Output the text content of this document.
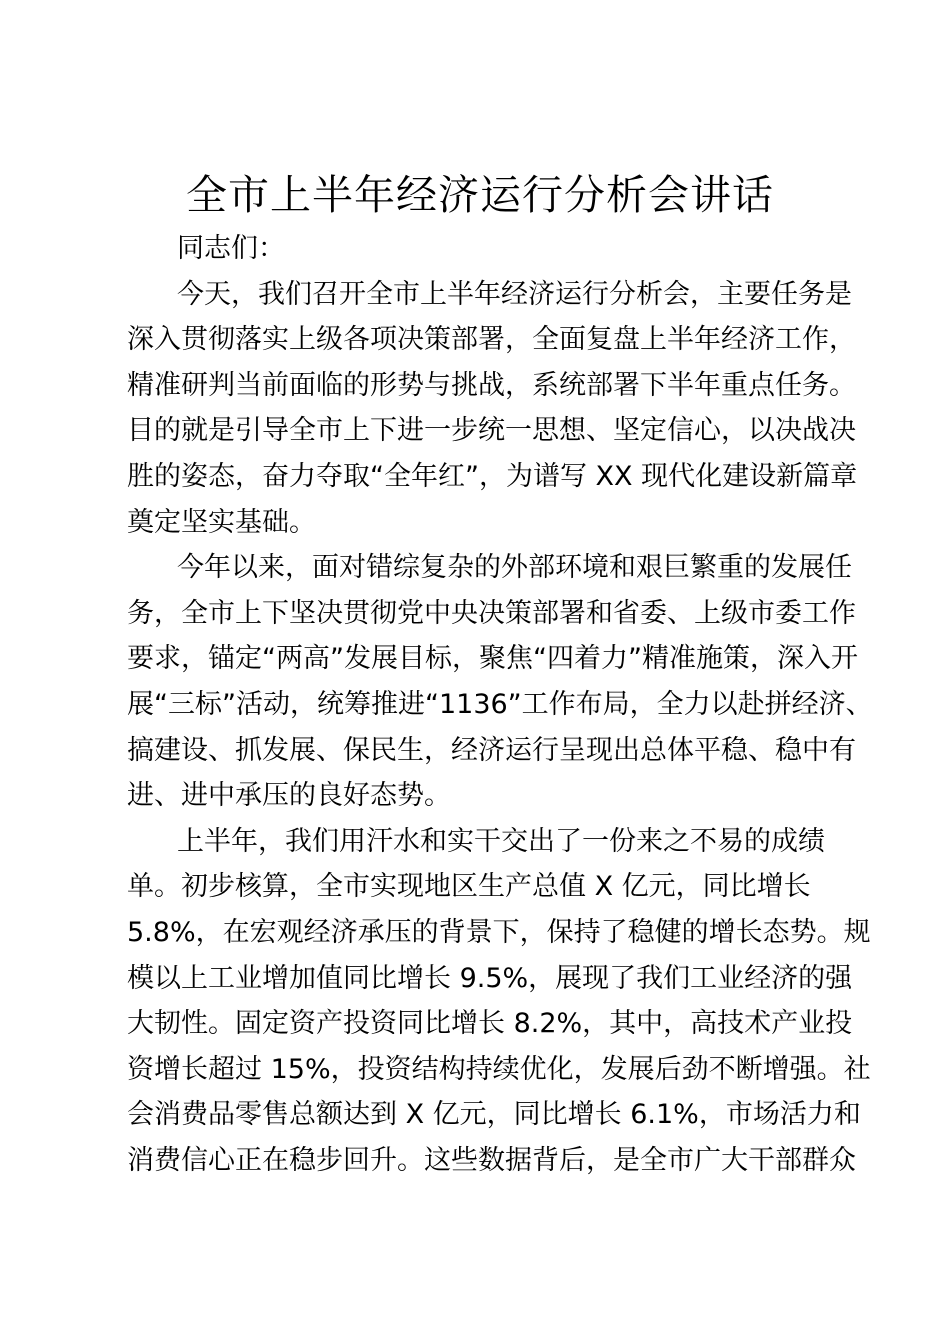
全市上半年经济运行分析会讲话

同志们：

今天，我们召开全市上半年经济运行分析会，主要任务是

深入贯彻落实上级各项决策部署，全面复盘上半年经济工作，

精准研判当前面临的形势与挑战，系统部署下半年重点任务。

目的就是引导全市上下进一步统一思想、坚定信心，以决战决

胜的姿态，奋力夺取“全年红”，为谱写 XX 现代化建设新篇章

奠定坚实基础。

今年以来，面对错综复杂的外部环境和艰巨繁重的发展任

务，全市上下坚决贯彻党中央决策部署和省委、上级市委工作

要求，锚定“两高”发展目标，聚焦“四着力”精准施策，深入开

展“三标”活动，统筹推进“1136”工作布局，全力以赴拼经济、

搞建设、抓发展、保民生，经济运行呈现出总体平稳、稳中有

进、进中承压的良好态势。

上半年，我们用汗水和实干交出了一份来之不易的成绩

单。初步核算，全市实现地区生产总值 X 亿元，同比增长

5.8%，在宏观经济承压的背景下，保持了稳健的增长态势。规

模以上工业增加值同比增长 9.5%，展现了我们工业经济的强

大韧性。固定资产投资同比增长 8.2%，其中，高技术产业投

资增长超过 15%，投资结构持续优化，发展后劲不断增强。社

会消费品零售总额达到 X 亿元，同比增长 6.1%，市场活力和

消费信心正在稳步回升。这些数据背后，是全市广大干部群众
